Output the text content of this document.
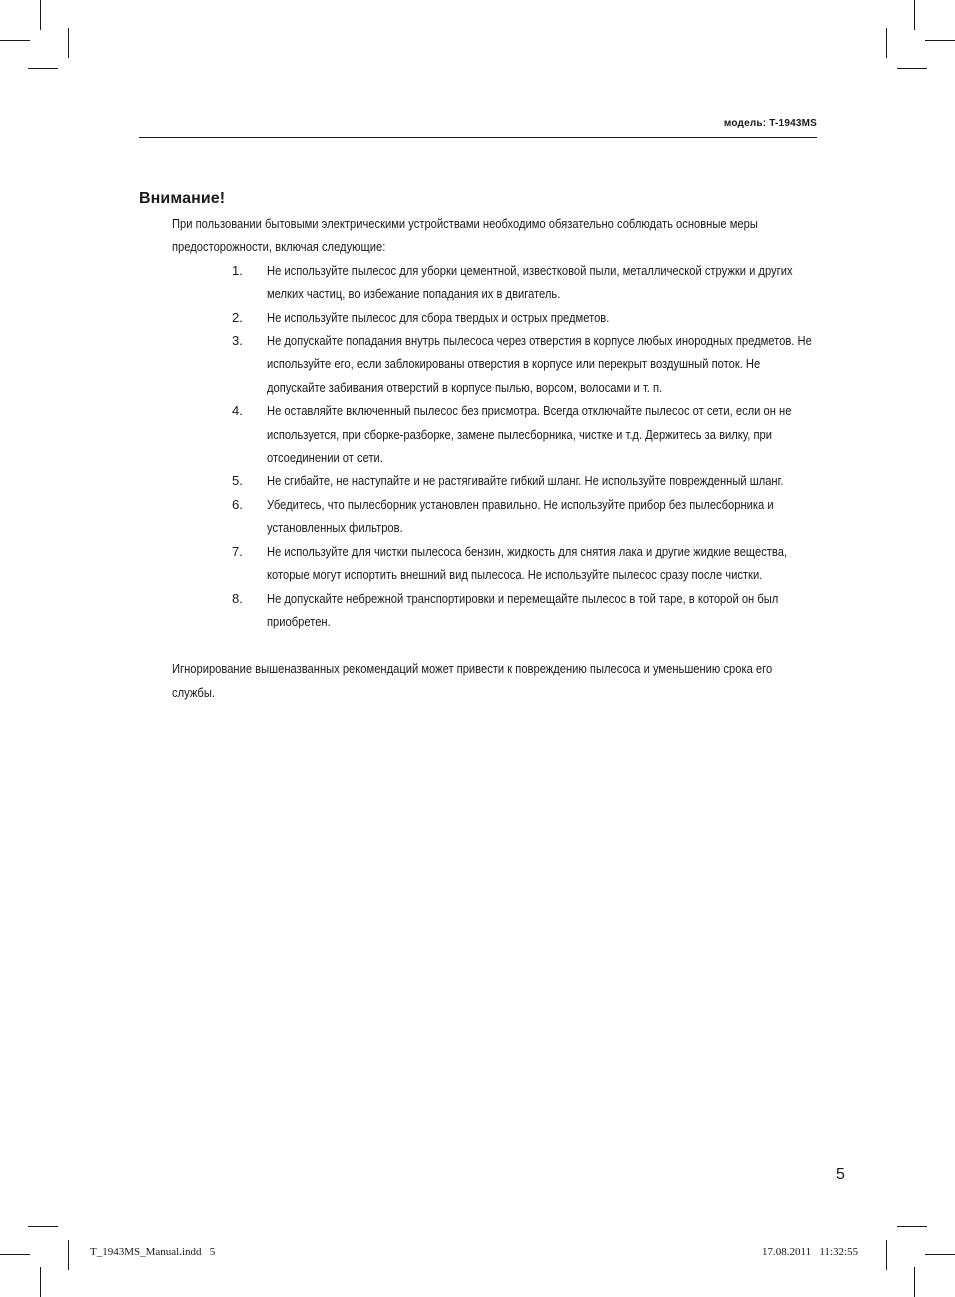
модель: T-1943MS
Внимание!

При пользовании бытовыми электрическими устройствами необходимо обязательно соблюдать основные меры предосторожности, включая следующие:

1. Не используйте пылесос для уборки цементной, известковой пыли, металлической стружки и других мелких частиц, во избежание попадания их в двигатель.
2. Не используйте пылесос для сбора твердых и острых предметов.
3. Не допускайте попадания внутрь пылесоса через отверстия в корпусе любых инородных предметов. Не используйте его, если заблокированы отверстия в корпусе или перекрыт воздушный поток. Не допускайте забивания отверстий в корпусе пылью, ворсом, волосами и т. п.
4. Не оставляйте включенный пылесос без присмотра. Всегда отключайте пылесос от сети, если он не используется, при сборке-разборке, замене пылесборника, чистке и т.д. Держитесь за вилку, при отсоединении от сети.
5. Не сгибайте, не наступайте и не растягивайте гибкий шланг. Не используйте поврежденный шланг.
6. Убедитесь, что пылесборник установлен правильно. Не используйте прибор без пылесборника и установленных фильтров.
7. Не используйте для чистки пылесоса бензин, жидкость для снятия лака и другие жидкие вещества, которые могут испортить внешний вид пылесоса. Не используйте пылесос сразу после чистки.
8. Не допускайте небрежной транспортировки и перемещайте пылесос в той таре, в которой он был приобретен.

Игнорирование вышеназванных рекомендаций может привести к повреждению пылесоса и уменьшению срока его службы.

5
T_1943MS_Manual.indd   5	17.08.2011   11:32:55
